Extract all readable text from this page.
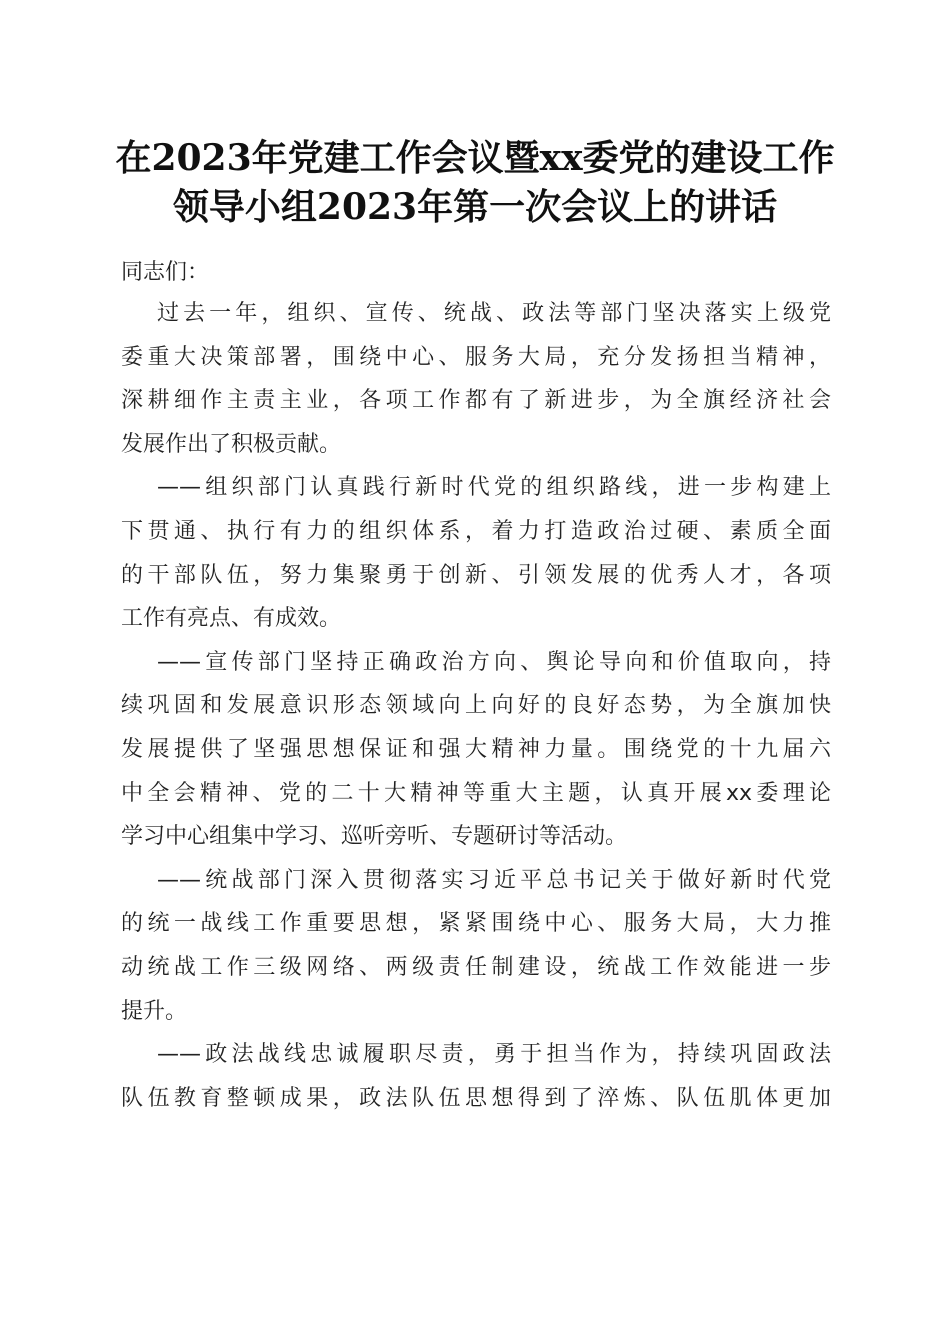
在2023年党建工作会议暨xx委党的建设工作
领导小组2023年第一次会议上的讲话
同志们：
过去一年，组织、宣传、统战、政法等部门坚决落实上级党
委重大决策部署，围绕中心、服务大局，充分发扬担当精神，
深耕细作主责主业，各项工作都有了新进步，为全旗经济社会
发展作出了积极贡献。
——组织部门认真践行新时代党的组织路线，进一步构建上
下贯通、执行有力的组织体系，着力打造政治过硬、素质全面
的干部队伍，努力集聚勇于创新、引领发展的优秀人才，各项
工作有亮点、有成效。
——宣传部门坚持正确政治方向、舆论导向和价值取向，持
续巩固和发展意识形态领域向上向好的良好态势，为全旗加快
发展提供了坚强思想保证和强大精神力量。围绕党的十九届六
中全会精神、党的二十大精神等重大主题，认真开展xx委理论
学习中心组集中学习、巡听旁听、专题研讨等活动。
——统战部门深入贯彻落实习近平总书记关于做好新时代党
的统一战线工作重要思想，紧紧围绕中心、服务大局，大力推
动统战工作三级网络、两级责任制建设，统战工作效能进一步
提升。
——政法战线忠诚履职尽责，勇于担当作为，持续巩固政法
队伍教育整顿成果，政法队伍思想得到了淬炼、队伍肌体更加
